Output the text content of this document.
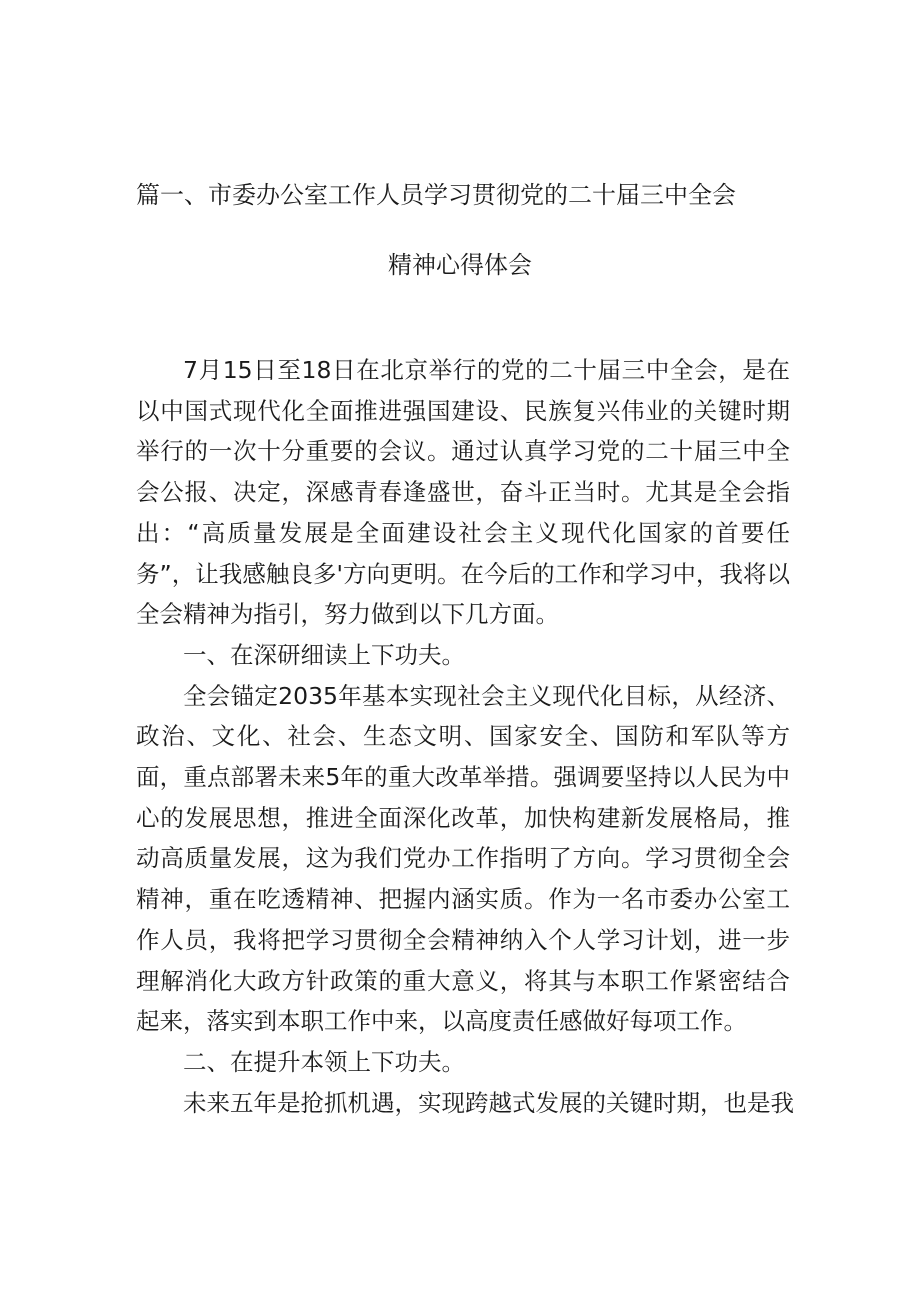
篇一、市委办公室工作人员学习贯彻党的二十届三中全会
精神心得体会

7月15日至18日在北京举行的党的二十届三中全会，是在以中国式现代化全面推进强国建设、民族复兴伟业的关键时期举行的一次十分重要的会议。通过认真学习党的二十届三中全会公报、决定，深感青春逢盛世，奋斗正当时。尤其是全会指出：“高质量发展是全面建设社会主义现代化国家的首要任务”，让我感触良多'方向更明。在今后的工作和学习中，我将以全会精神为指引，努力做到以下几方面。

一、在深研细读上下功夫。

全会锚定2035年基本实现社会主义现代化目标，从经济、政治、文化、社会、生态文明、国家安全、国防和军队等方面，重点部署未来5年的重大改革举措。强调要坚持以人民为中心的发展思想，推进全面深化改革，加快构建新发展格局，推动高质量发展，这为我们党办工作指明了方向。学习贯彻全会精神，重在吃透精神、把握内涵实质。作为一名市委办公室工作人员，我将把学习贯彻全会精神纳入个人学习计划，进一步理解消化大政方针政策的重大意义，将其与本职工作紧密结合起来，落实到本职工作中来，以高度责任感做好每项工作。

二、在提升本领上下功夫。

未来五年是抢抓机遇，实现跨越式发展的关键时期，也是我
